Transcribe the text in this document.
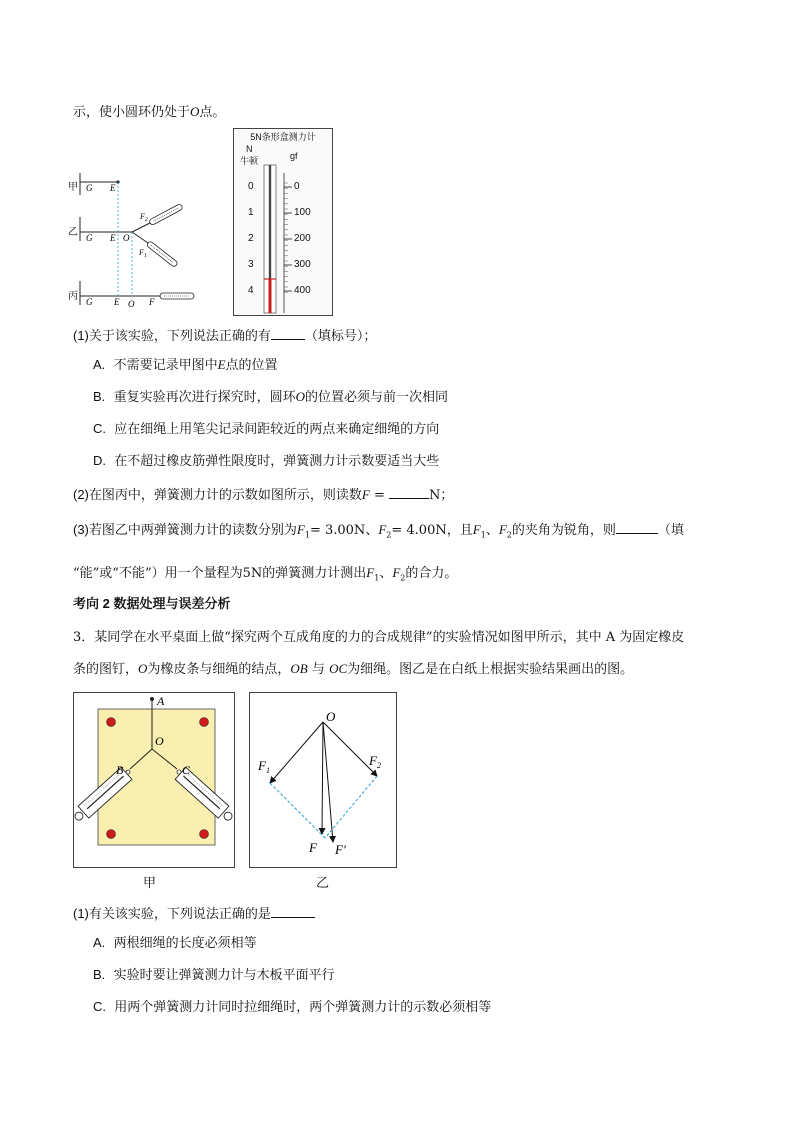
示，使小圆环仍处于O点。
甲 G E
乙 G E O
$F_2$
$F_1$
丙 G E O F
5N条形盒测力计
N
牛顿	gf
0
1
2
3
4
0
100
200
300
400
(1)关于该实验，下列说法正确的有	（填标号）；
A. 不需要记录甲图中E点的位置
B. 重复实验再次进行探究时，圆环O的位置必须与前一次相同
C. 应在细绳上用笔尖记录间距较近的两点来确定细绳的方向
D. 在不超过橡皮筋弹性限度时，弹簧测力计示数要适当大些
(2)在图丙中，弹簧测力计的示数如图所示，则读数F =	N；
(3)若图乙中两弹簧测力计的读数分别为$F_1= 3.00N$、$F_2= 4.00N$，且$F_1$、$F_2$的夹角为锐角，则	（填
“能”或“不能”）用一个量程为5N的弹簧测力计测出$F_1$、$F_2$的合力。
考向 2 数据处理与误差分析
3．某同学在水平桌面上做“探究两个互成角度的力的合成规律”的实验情况如图甲所示，其中 A 为固定橡皮
条的图钉，O为橡皮条与细绳的结点，OB 与 OC为细绳。图乙是在白纸上根据实验结果画出的图。
A
O
B	C
甲
O
$F_1$
$F_2$
F F′
乙
(1)有关该实验，下列说法正确的是
A. 两根细绳的长度必须相等
B. 实验时要让弹簧测力计与木板平面平行
C. 用两个弹簧测力计同时拉细绳时，两个弹簧测力计的示数必须相等
